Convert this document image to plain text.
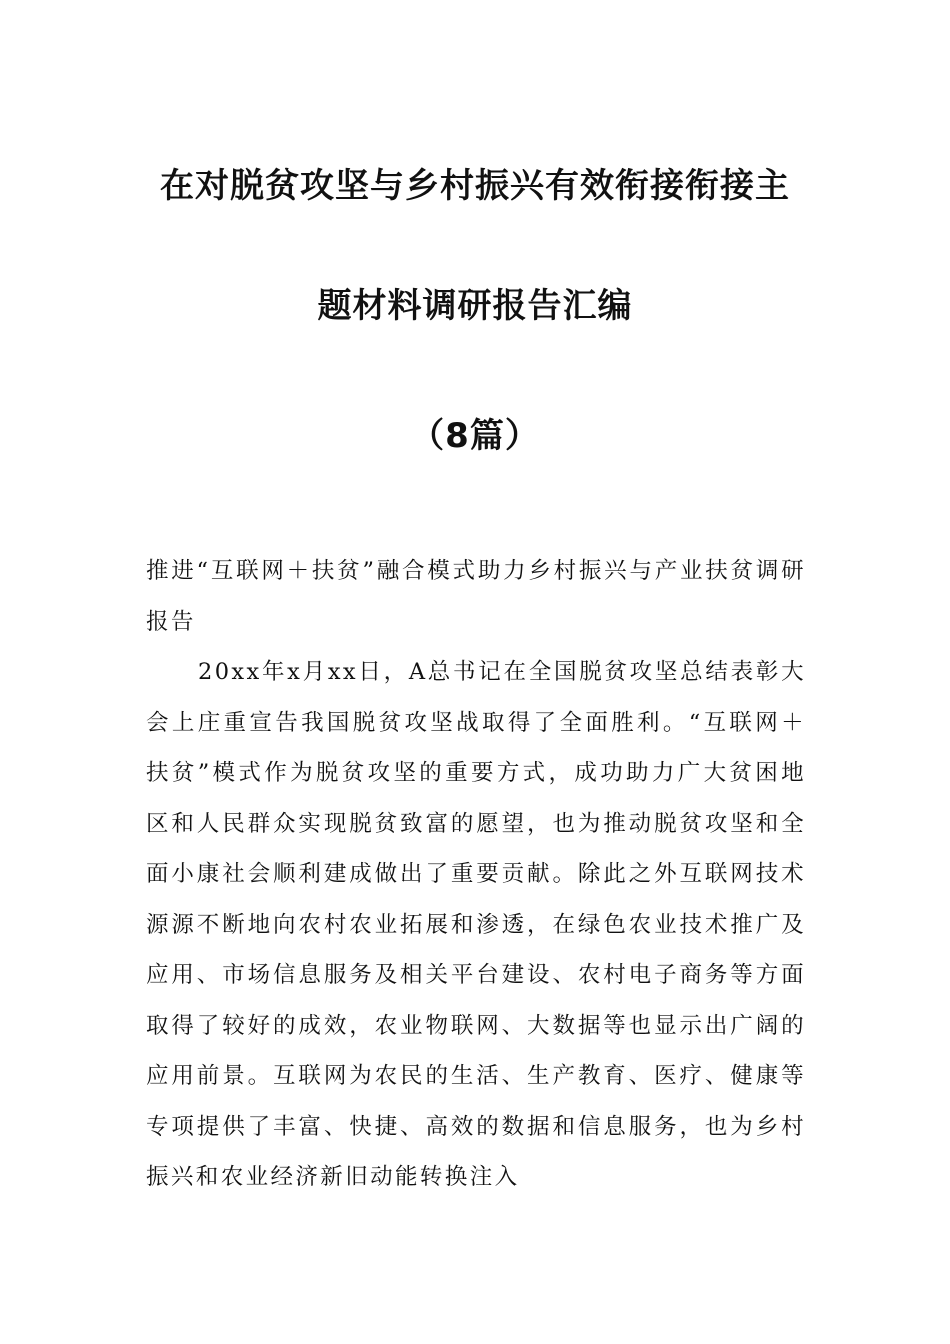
在对脱贫攻坚与乡村振兴有效衔接衔接主
题材料调研报告汇编
（8篇）

推进“互联网＋扶贫”融合模式助力乡村振兴与产业扶贫调研报告

20xx年x月xx日，A总书记在全国脱贫攻坚总结表彰大会上庄重宣告我国脱贫攻坚战取得了全面胜利。“互联网＋扶贫”模式作为脱贫攻坚的重要方式，成功助力广大贫困地区和人民群众实现脱贫致富的愿望，也为推动脱贫攻坚和全面小康社会顺利建成做出了重要贡献。除此之外互联网技术源源不断地向农村农业拓展和渗透，在绿色农业技术推广及应用、市场信息服务及相关平台建设、农村电子商务等方面取得了较好的成效，农业物联网、大数据等也显示出广阔的应用前景。互联网为农民的生活、生产教育、医疗、健康等专项提供了丰富、快捷、高效的数据和信息服务，也为乡村振兴和农业经济新旧动能转换注入
